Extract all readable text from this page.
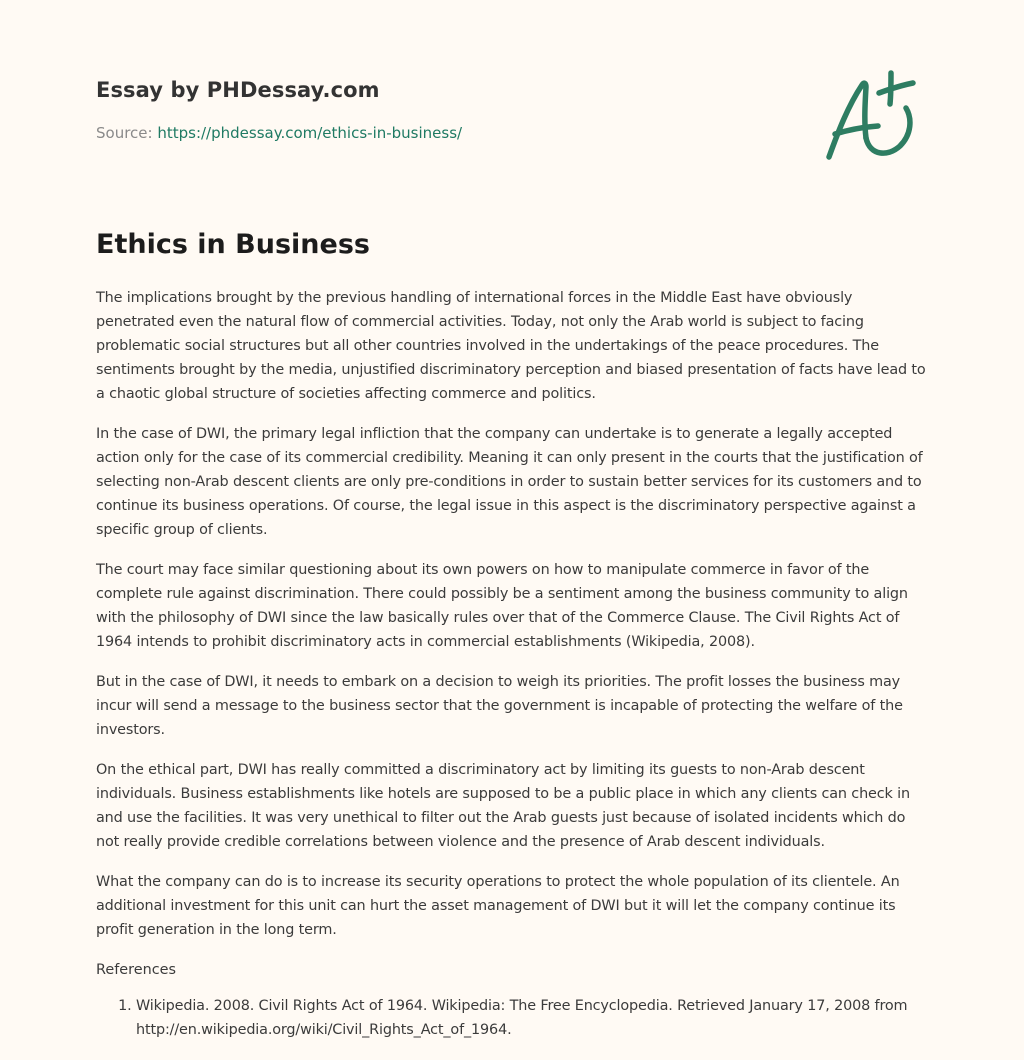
Essay by PHDessay.com
Source: https://phdessay.com/ethics-in-business/
Ethics in Business

The implications brought by the previous handling of international forces in the Middle East have obviously penetrated even the natural flow of commercial activities. Today, not only the Arab world is subject to facing problematic social structures but all other countries involved in the undertakings of the peace procedures. The sentiments brought by the media, unjustified discriminatory perception and biased presentation of facts have lead to a chaotic global structure of societies affecting commerce and politics.

In the case of DWI, the primary legal infliction that the company can undertake is to generate a legally accepted action only for the case of its commercial credibility. Meaning it can only present in the courts that the justification of selecting non-Arab descent clients are only pre-conditions in order to sustain better services for its customers and to continue its business operations. Of course, the legal issue in this aspect is the discriminatory perspective against a specific group of clients.

The court may face similar questioning about its own powers on how to manipulate commerce in favor of the complete rule against discrimination. There could possibly be a sentiment among the business community to align with the philosophy of DWI since the law basically rules over that of the Commerce Clause. The Civil Rights Act of 1964 intends to prohibit discriminatory acts in commercial establishments (Wikipedia, 2008).

But in the case of DWI, it needs to embark on a decision to weigh its priorities. The profit losses the business may incur will send a message to the business sector that the government is incapable of protecting the welfare of the investors.

On the ethical part, DWI has really committed a discriminatory act by limiting its guests to non-Arab descent individuals. Business establishments like hotels are supposed to be a public place in which any clients can check in and use the facilities. It was very unethical to filter out the Arab guests just because of isolated incidents which do not really provide credible correlations between violence and the presence of Arab descent individuals.

What the company can do is to increase its security operations to protect the whole population of its clientele. An additional investment for this unit can hurt the asset management of DWI but it will let the company continue its profit generation in the long term.

References

1. Wikipedia. 2008. Civil Rights Act of 1964. Wikipedia: The Free Encyclopedia. Retrieved January 17, 2008 from http://en.wikipedia.org/wiki/Civil_Rights_Act_of_1964.
